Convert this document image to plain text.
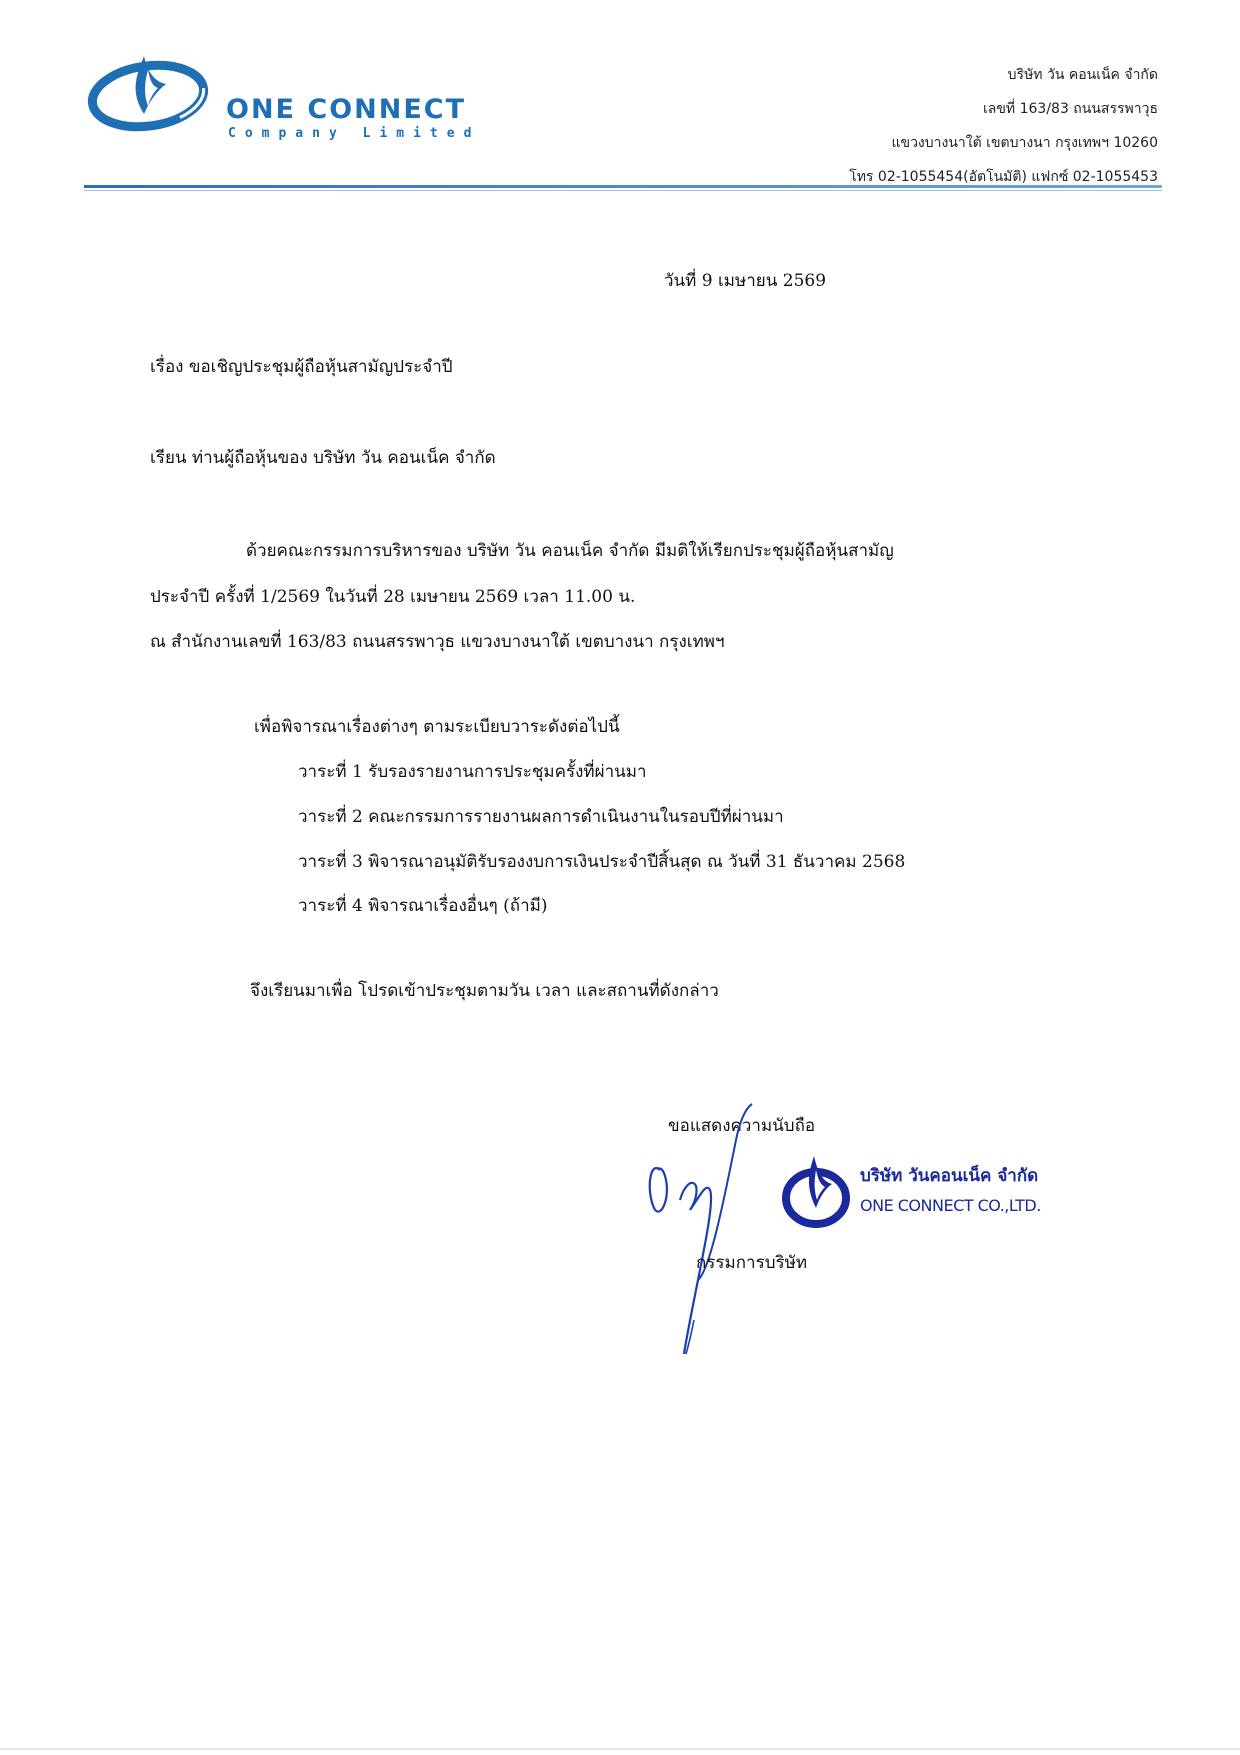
ONE CONNECT
Company Limited
บริษัท วัน คอนเน็ค จำกัด
เลขที่ 163/83 ถนนสรรพาวุธ
แขวงบางนาใต้ เขตบางนา กรุงเทพฯ 10260
โทร 02-1055454(อัตโนมัติ) แฟกซ์ 02-1055453
วันที่ 9 เมษายน 2569
เรื่อง ขอเชิญประชุมผู้ถือหุ้นสามัญประจำปี
เรียน ท่านผู้ถือหุ้นของ บริษัท วัน คอนเน็ค จำกัด
ด้วยคณะกรรมการบริหารของ บริษัท วัน คอนเน็ค จำกัด มีมติให้เรียกประชุมผู้ถือหุ้นสามัญ
ประจำปี ครั้งที่ 1/2569 ในวันที่ 28 เมษายน 2569 เวลา 11.00 น.
ณ สำนักงานเลขที่ 163/83 ถนนสรรพาวุธ แขวงบางนาใต้ เขตบางนา กรุงเทพฯ
เพื่อพิจารณาเรื่องต่างๆ ตามระเบียบวาระดังต่อไปนี้
วาระที่ 1 รับรองรายงานการประชุมครั้งที่ผ่านมา
วาระที่ 2 คณะกรรมการรายงานผลการดำเนินงานในรอบปีที่ผ่านมา
วาระที่ 3 พิจารณาอนุมัติรับรองงบการเงินประจำปีสิ้นสุด ณ วันที่ 31 ธันวาคม 2568
วาระที่ 4 พิจารณาเรื่องอื่นๆ (ถ้ามี)
จึงเรียนมาเพื่อ โปรดเข้าประชุมตามวัน เวลา และสถานที่ดังกล่าว
ขอแสดงความนับถือ
บริษัท วันคอนเน็ค จำกัด
ONE CONNECT CO.,LTD.
กรรมการบริษัท
